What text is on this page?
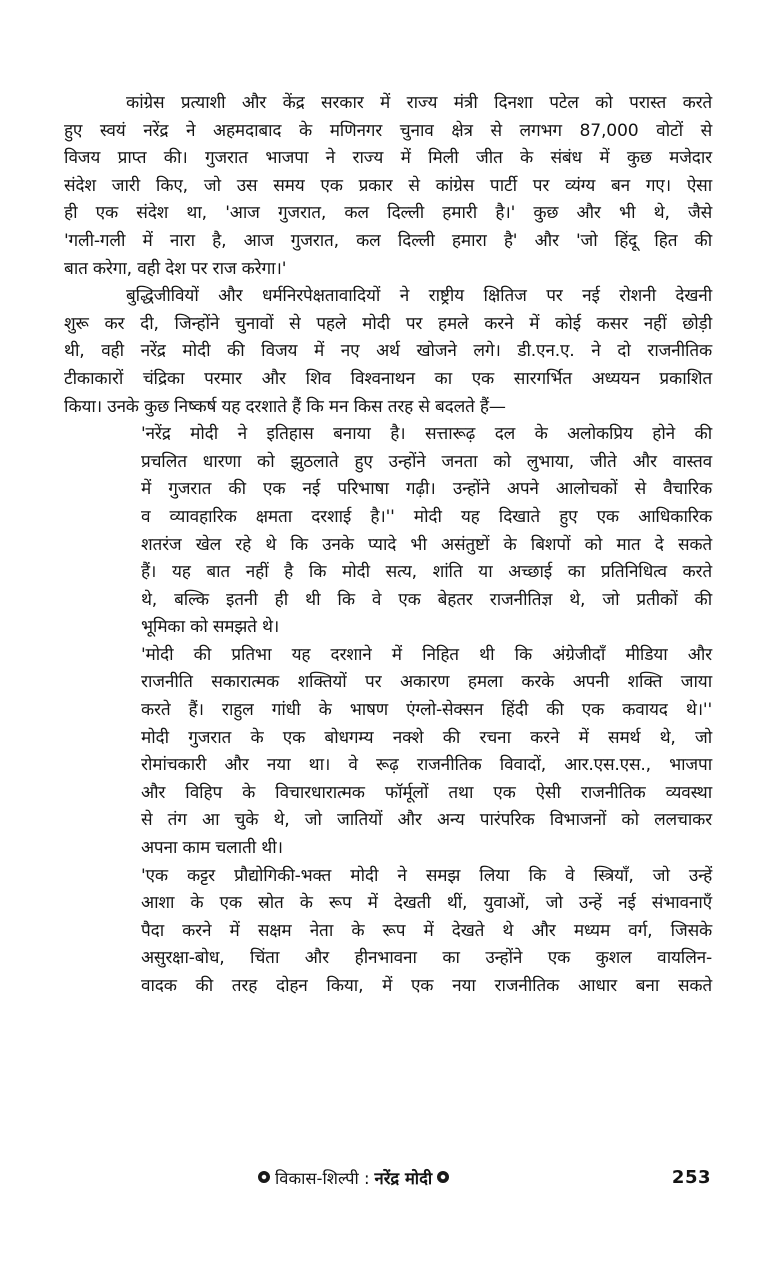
कांग्रेस प्रत्याशी और केंद्र सरकार में राज्य मंत्री दिनशा पटेल को परास्त करते
हुए स्वयं नरेंद्र ने अहमदाबाद के मणिनगर चुनाव क्षेत्र से लगभग 87,000 वोटों से
विजय प्राप्त की। गुजरात भाजपा ने राज्य में मिली जीत के संबंध में कुछ मजेदार
संदेश जारी किए, जो उस समय एक प्रकार से कांग्रेस पार्टी पर व्यंग्य बन गए। ऐसा
ही एक संदेश था, 'आज गुजरात, कल दिल्ली हमारी है।' कुछ और भी थे, जैसे
'गली-गली में नारा है, आज गुजरात, कल दिल्ली हमारा है' और 'जो हिंदू हित की
बात करेगा, वही देश पर राज करेगा।'
बुद्धिजीवियों और धर्मनिरपेक्षतावादियों ने राष्ट्रीय क्षितिज पर नई रोशनी देखनी
शुरू कर दी, जिन्होंने चुनावों से पहले मोदी पर हमले करने में कोई कसर नहीं छोड़ी
थी, वही नरेंद्र मोदी की विजय में नए अर्थ खोजने लगे। डी.एन.ए. ने दो राजनीतिक
टीकाकारों चंद्रिका परमार और शिव विश्वनाथन का एक सारगर्भित अध्ययन प्रकाशित
किया। उनके कुछ निष्कर्ष यह दरशाते हैं कि मन किस तरह से बदलते हैं—
'नरेंद्र मोदी ने इतिहास बनाया है। सत्तारूढ़ दल के अलोकप्रिय होने की
प्रचलित धारणा को झुठलाते हुए उन्होंने जनता को लुभाया, जीते और वास्तव
में गुजरात की एक नई परिभाषा गढ़ी। उन्होंने अपने आलोचकों से वैचारिक
व व्यावहारिक क्षमता दरशाई है।'' मोदी यह दिखाते हुए एक आधिकारिक
शतरंज खेल रहे थे कि उनके प्यादे भी असंतुष्टों के बिशपों को मात दे सकते
हैं। यह बात नहीं है कि मोदी सत्य, शांति या अच्छाई का प्रतिनिधित्व करते
थे, बल्कि इतनी ही थी कि वे एक बेहतर राजनीतिज्ञ थे, जो प्रतीकों की
भूमिका को समझते थे।
'मोदी की प्रतिभा यह दरशाने में निहित थी कि अंग्रेजीदाँ मीडिया और
राजनीति सकारात्मक शक्तियों पर अकारण हमला करके अपनी शक्ति जाया
करते हैं। राहुल गांधी के भाषण एंग्लो-सेक्सन हिंदी की एक कवायद थे।''
मोदी गुजरात के एक बोधगम्य नक्शे की रचना करने में समर्थ थे, जो
रोमांचकारी और नया था। वे रूढ़ राजनीतिक विवादों, आर.एस.एस., भाजपा
और विहिप के विचारधारात्मक फॉर्मूलों तथा एक ऐसी राजनीतिक व्यवस्था
से तंग आ चुके थे, जो जातियों और अन्य पारंपरिक विभाजनों को ललचाकर
अपना काम चलाती थी।
'एक कट्टर प्रौद्योगिकी-भक्त मोदी ने समझ लिया कि वे स्त्रियाँ, जो उन्हें
आशा के एक स्रोत के रूप में देखती थीं, युवाओं, जो उन्हें नई संभावनाएँ
पैदा करने में सक्षम नेता के रूप में देखते थे और मध्यम वर्ग, जिसके
असुरक्षा-बोध, चिंता और हीनभावना का उन्होंने एक कुशल वायलिन-
वादक की तरह दोहन किया, में एक नया राजनीतिक आधार बना सकते
विकास-शिल्पी : नरेंद्र मोदी	253
